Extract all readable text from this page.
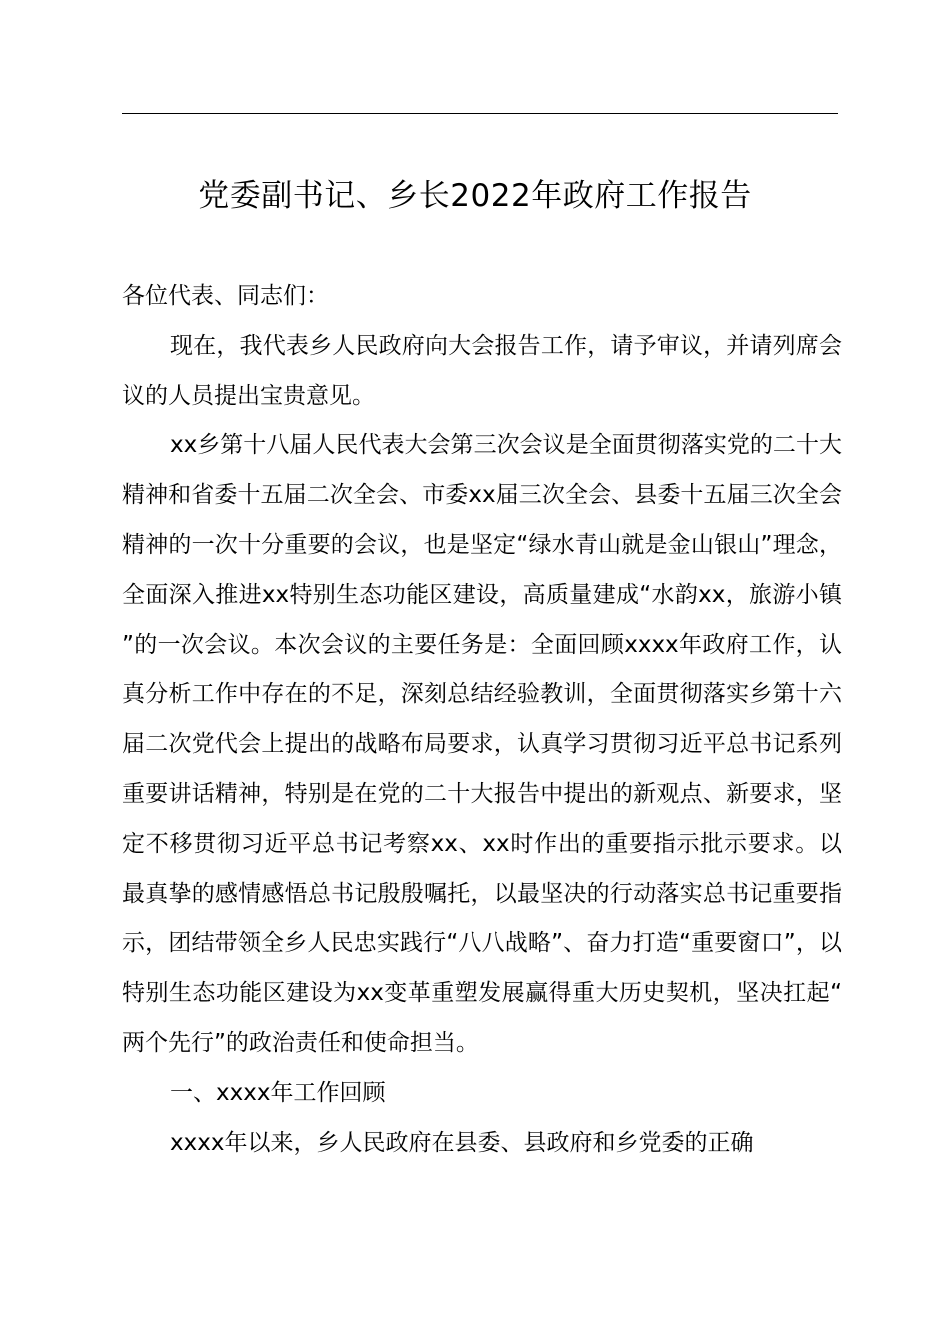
党委副书记、乡长2022年政府工作报告

各位代表、同志们：

现在，我代表乡人民政府向大会报告工作，请予审议，并请列席会议的人员提出宝贵意见。

xx乡第十八届人民代表大会第三次会议是全面贯彻落实党的二十大精神和省委十五届二次全会、市委xx届三次全会、县委十五届三次全会精神的一次十分重要的会议，也是坚定“绿水青山就是金山银山”理念，全面深入推进xx特别生态功能区建设，高质量建成“水韵xx，旅游小镇”的一次会议。本次会议的主要任务是：全面回顾xxxx年政府工作，认真分析工作中存在的不足，深刻总结经验教训，全面贯彻落实乡第十六届二次党代会上提出的战略布局要求，认真学习贯彻习近平总书记系列重要讲话精神，特别是在党的二十大报告中提出的新观点、新要求，坚定不移贯彻习近平总书记考察xx、xx时作出的重要指示批示要求。以最真挚的感情感悟总书记殷殷嘱托，以最坚决的行动落实总书记重要指示，团结带领全乡人民忠实践行“八八战略”、奋力打造“重要窗口”，以特别生态功能区建设为xx变革重塑发展赢得重大历史契机，坚决扛起“两个先行”的政治责任和使命担当。

一、xxxx年工作回顾

xxxx年以来，乡人民政府在县委、县政府和乡党委的正确
